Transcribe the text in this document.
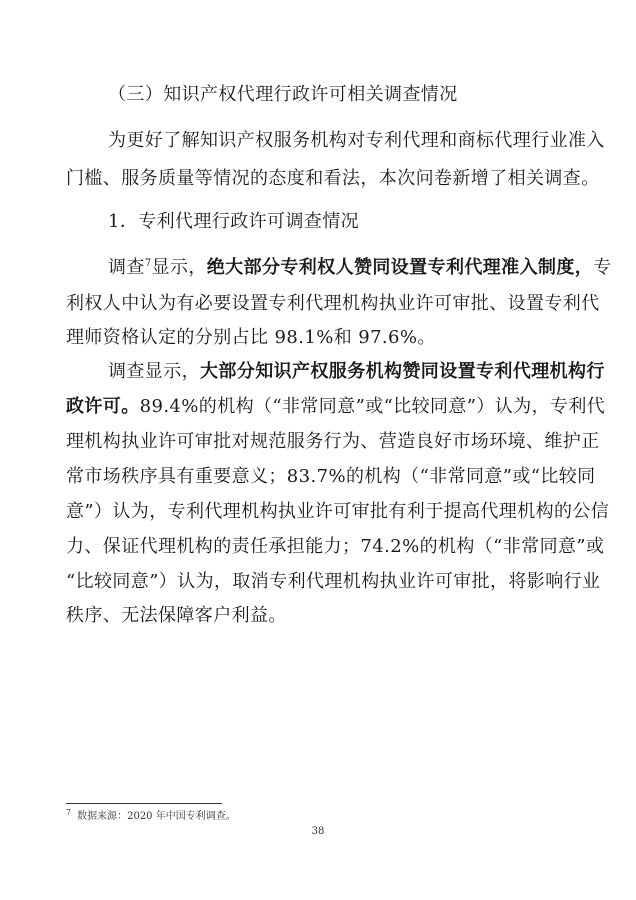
（三）知识产权代理行政许可相关调查情况
为更好了解知识产权服务机构对专利代理和商标代理行业准入
门槛、服务质量等情况的态度和看法，本次问卷新增了相关调查。
1．专利代理行政许可调查情况
调查$^7$显示，绝大部分专利权人赞同设置专利代理准入制度，专
利权人中认为有必要设置专利代理机构执业许可审批、设置专利代
理师资格认定的分别占比 98.1%和 97.6%。
调查显示，大部分知识产权服务机构赞同设置专利代理机构行
政许可。89.4%的机构（“非常同意”或“比较同意”）认为，专利代
理机构执业许可审批对规范服务行为、营造良好市场环境、维护正
常市场秩序具有重要意义；83.7%的机构（“非常同意”或“比较同
意”）认为，专利代理机构执业许可审批有利于提高代理机构的公信
力、保证代理机构的责任承担能力；74.2%的机构（“非常同意”或
“比较同意”）认为，取消专利代理机构执业许可审批，将影响行业
秩序、无法保障客户利益。
$^7$ 数据来源：2020 年中国专利调查。
38
